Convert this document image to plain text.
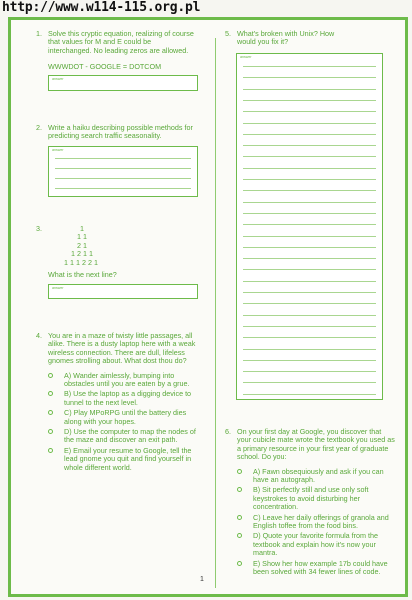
http://www.w114-115.org.pl
1. Solve this cryptic equation, realizing of course that values for M and E could be interchanged. No leading zeros are allowed.
WWWDOT - GOOGLE = DOTCOM
answer
2. Write a haiku describing possible methods for predicting search traffic seasonality.
answer
3.	1
1 1
2 1
1 2 1 1
1 1 1 2 2 1
What is the next line?
answer
4. You are in a maze of twisty little passages, all alike. There is a dusty laptop here with a weak wireless connection. There are dull, lifeless gnomes strolling about. What dost thou do?
A) Wander aimlessly, bumping into obstacles until you are eaten by a grue.
B) Use the laptop as a digging device to tunnel to the next level.
C) Play MPoRPG until the battery dies along with your hopes.
D) Use the computer to map the nodes of the maze and discover an exit path.
E) Email your resume to Google, tell the lead gnome you quit and find yourself in whole different world.
5. What's broken with Unix? How would you fix it?
answer
6. On your first day at Google, you discover that your cubicle mate wrote the textbook you used as a primary resource in your first year of graduate school. Do you:
A) Fawn obsequiously and ask if you can have an autograph.
B) Sit perfectly still and use only soft keystrokes to avoid disturbing her concentration.
C) Leave her daily offerings of granola and English toffee from the food bins.
D) Quote your favorite formula from the textbook and explain how it's now your mantra.
E) Show her how example 17b could have been solved with 34 fewer lines of code.
1
